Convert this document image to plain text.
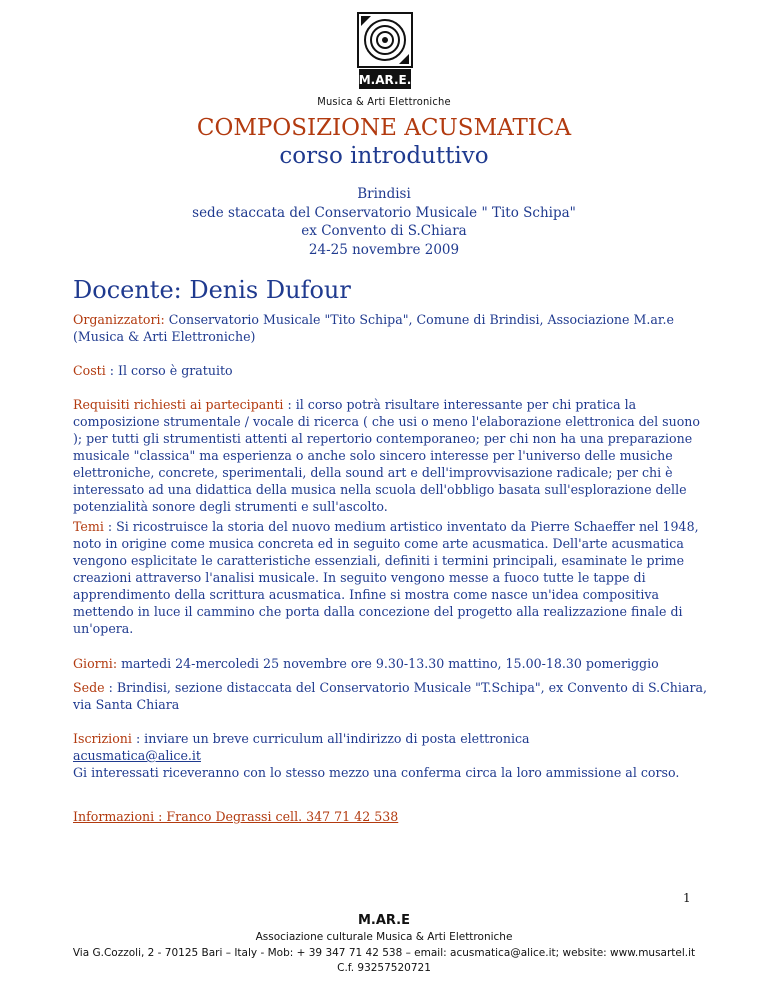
M.AR.E.
Musica & Arti Elettroniche
COMPOSIZIONE ACUSMATICA
corso introduttivo
Brindisi
sede staccata del Conservatorio Musicale " Tito Schipa"
ex Convento di S.Chiara
24-25 novembre 2009
Docente: Denis Dufour
Organizzatori: Conservatorio Musicale "Tito Schipa", Comune di Brindisi, Associazione M.ar.e (Musica & Arti Elettroniche)
Costi : Il corso è gratuito
Requisiti richiesti ai partecipanti : il corso potrà risultare interessante per chi pratica la composizione strumentale / vocale di ricerca ( che usi o meno l'elaborazione elettronica del suono ); per tutti gli strumentisti attenti al repertorio contemporaneo; per chi non ha una preparazione musicale "classica" ma esperienza o anche solo sincero interesse per l'universo delle musiche elettroniche, concrete, sperimentali, della sound art e dell'improvvisazione radicale; per chi è interessato ad una didattica della musica nella scuola dell'obbligo basata sull'esplorazione delle potenzialità sonore degli strumenti e sull'ascolto.
Temi : Si ricostruisce la storia del nuovo medium artistico inventato da Pierre Schaeffer nel 1948, noto in origine come musica concreta ed in seguito come arte acusmatica. Dell'arte acusmatica vengono esplicitate le caratteristiche essenziali, definiti i termini principali, esaminate le prime creazioni attraverso l'analisi musicale. In seguito vengono messe a fuoco tutte le tappe di apprendimento della scrittura acusmatica. Infine si mostra come nasce un'idea compositiva mettendo in luce il cammino che porta dalla concezione del progetto alla realizzazione finale di un'opera.
Giorni: martedi 24-mercoledi 25 novembre ore 9.30-13.30 mattino, 15.00-18.30 pomeriggio
Sede : Brindisi, sezione distaccata del Conservatorio Musicale "T.Schipa", ex Convento di S.Chiara, via Santa Chiara
Iscrizioni : inviare un breve curriculum all'indirizzo di posta elettronica
acusmatica@alice.it
Gi interessati riceveranno con lo stesso mezzo una conferma circa la loro ammissione al corso.
Informazioni : Franco Degrassi cell. 347 71 42 538
1
M.AR.E
Associazione culturale Musica & Arti Elettroniche
Via G.Cozzoli, 2 - 70125 Bari – Italy - Mob: + 39 347 71 42 538 – email: acusmatica@alice.it; website: www.musartel.it
C.f. 93257520721
